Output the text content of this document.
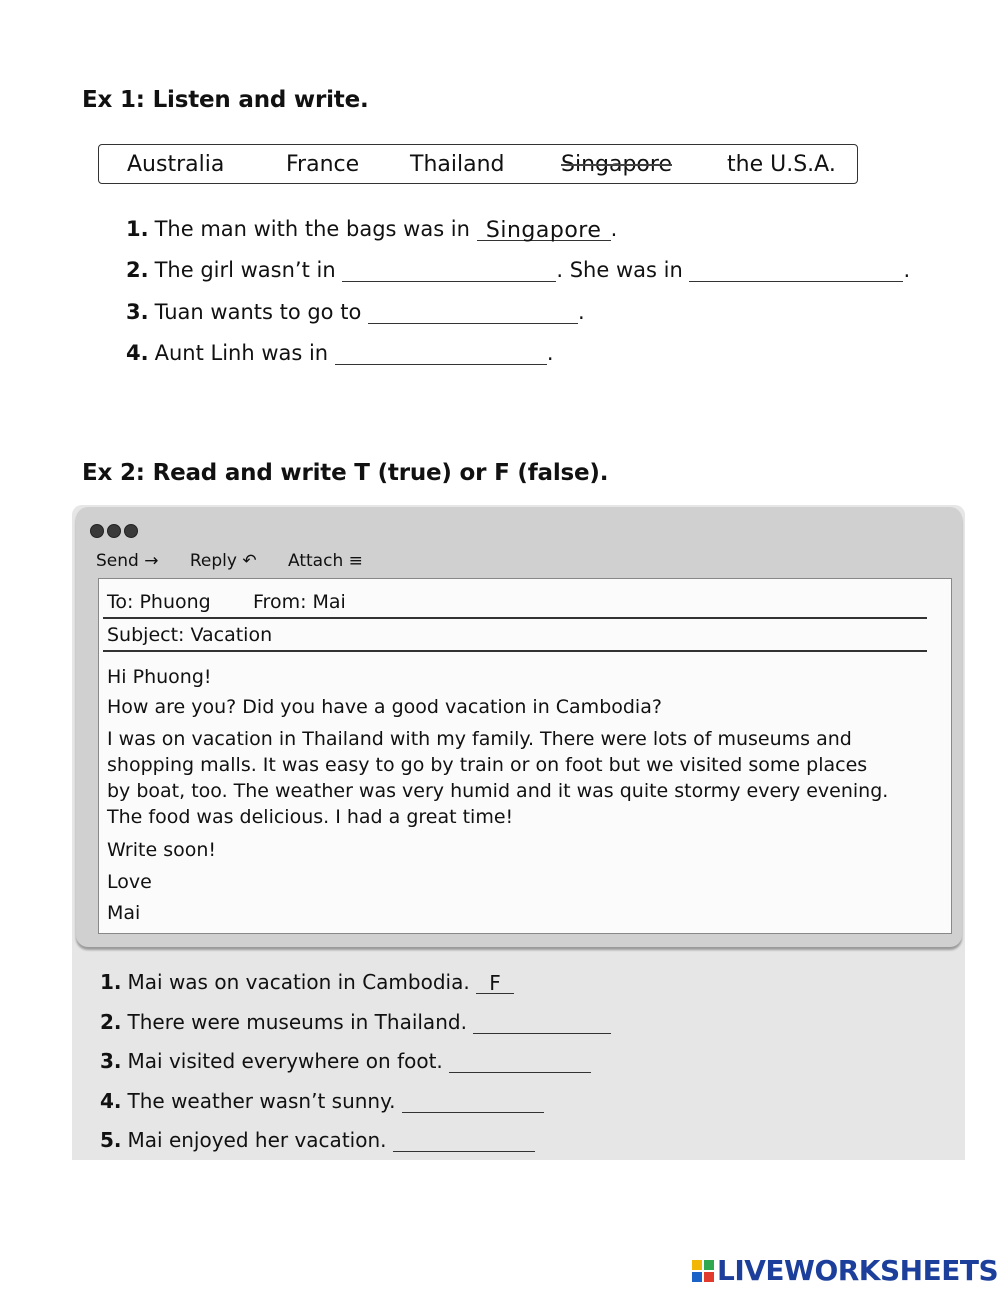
Ex 1: Listen and write.
Australia	France Thailand	Singapore	the U.S.A.
1. The man with the bags was in Singapore .
2. The girl wasn’t in	. She was in	.
3. Tuan wants to go to	.
4. Aunt Linh was in	.
Ex 2: Read and write T (true) or F (false).
Send → Reply ↶ Attach ≡
To: Phuong From: Mai
Subject: Vacation
Hi Phuong!
How are you? Did you have a good vacation in Cambodia?
I was on vacation in Thailand with my family. There were lots of museums and
shopping malls. It was easy to go by train or on foot but we visited some places
by boat, too. The weather was very humid and it was quite stormy every evening.
The food was delicious. I had a great time!
Write soon!
Love
Mai
1. Mai was on vacation in Cambodia. F
2. There were museums in Thailand.
3. Mai visited everywhere on foot.
4. The weather wasn’t sunny.
5. Mai enjoyed her vacation.
LIVEWORKSHEETS
